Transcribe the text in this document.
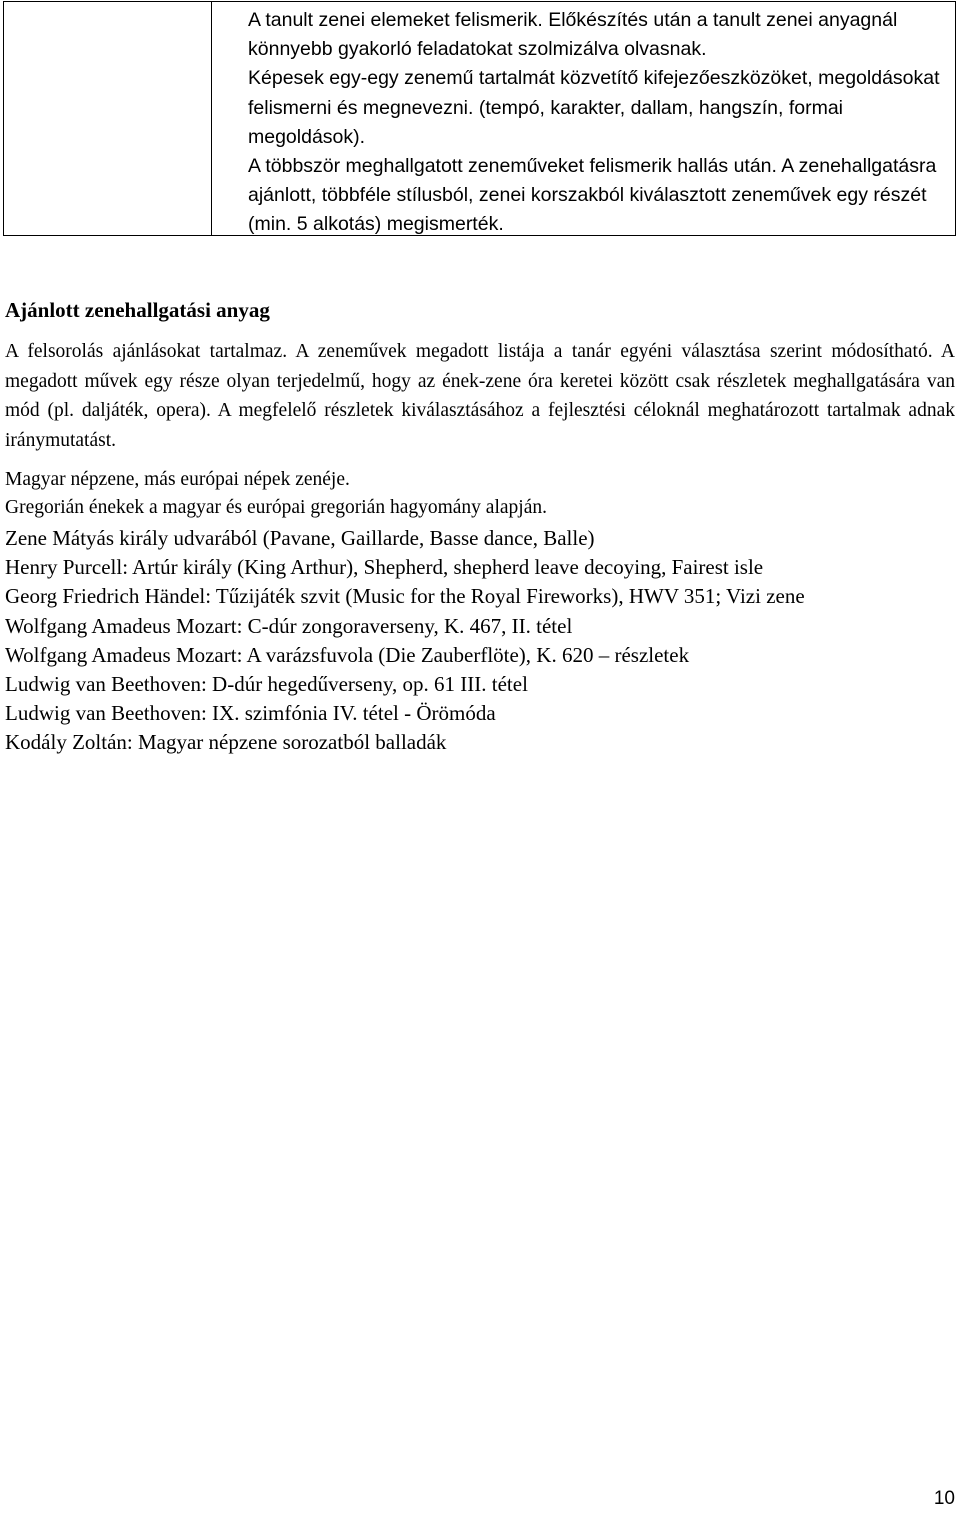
A tanult zenei elemeket felismerik. Előkészítés után a tanult zenei anyagnál könnyebb gyakorló feladatokat szolmizálva olvasnak.

Képesek egy-egy zenemű tartalmát közvetítő kifejezőeszközöket, megoldásokat felismerni és megnevezni. (tempó, karakter, dallam, hangszín, formai megoldások).

A többször meghallgatott zeneműveket felismerik hallás után. A zenehallgatásra ajánlott, többféle stílusból, zenei korszakból kiválasztott zeneművek egy részét (min. 5 alkotás) megismerték.

Ajánlott zenehallgatási anyag

A felsorolás ajánlásokat tartalmaz. A zeneművek megadott listája a tanár egyéni választása szerint módosítható. A megadott művek egy része olyan terjedelmű, hogy az ének-zene óra keretei között csak részletek meghallgatására van mód (pl. daljáték, opera). A megfelelő részletek kiválasztásához a fejlesztési céloknál meghatározott tartalmak adnak iránymutatást.

Magyar népzene, más európai népek zenéje.
Gregorián énekek a magyar és európai gregorián hagyomány alapján.
Zene Mátyás király udvarából (Pavane, Gaillarde, Basse dance, Balle)
Henry Purcell: Artúr király (King Arthur), Shepherd, shepherd leave decoying, Fairest isle
Georg Friedrich Händel: Tűzijáték szvit (Music for the Royal Fireworks), HWV 351; Vizi zene
Wolfgang Amadeus Mozart: C-dúr zongoraverseny, K. 467, II. tétel
Wolfgang Amadeus Mozart: A varázsfuvola (Die Zauberflöte), K. 620 – részletek
Ludwig van Beethoven: D-dúr hegedűverseny, op. 61 III. tétel
Ludwig van Beethoven: IX. szimfónia IV. tétel - Örömóda
Kodály Zoltán: Magyar népzene sorozatból balladák
10
